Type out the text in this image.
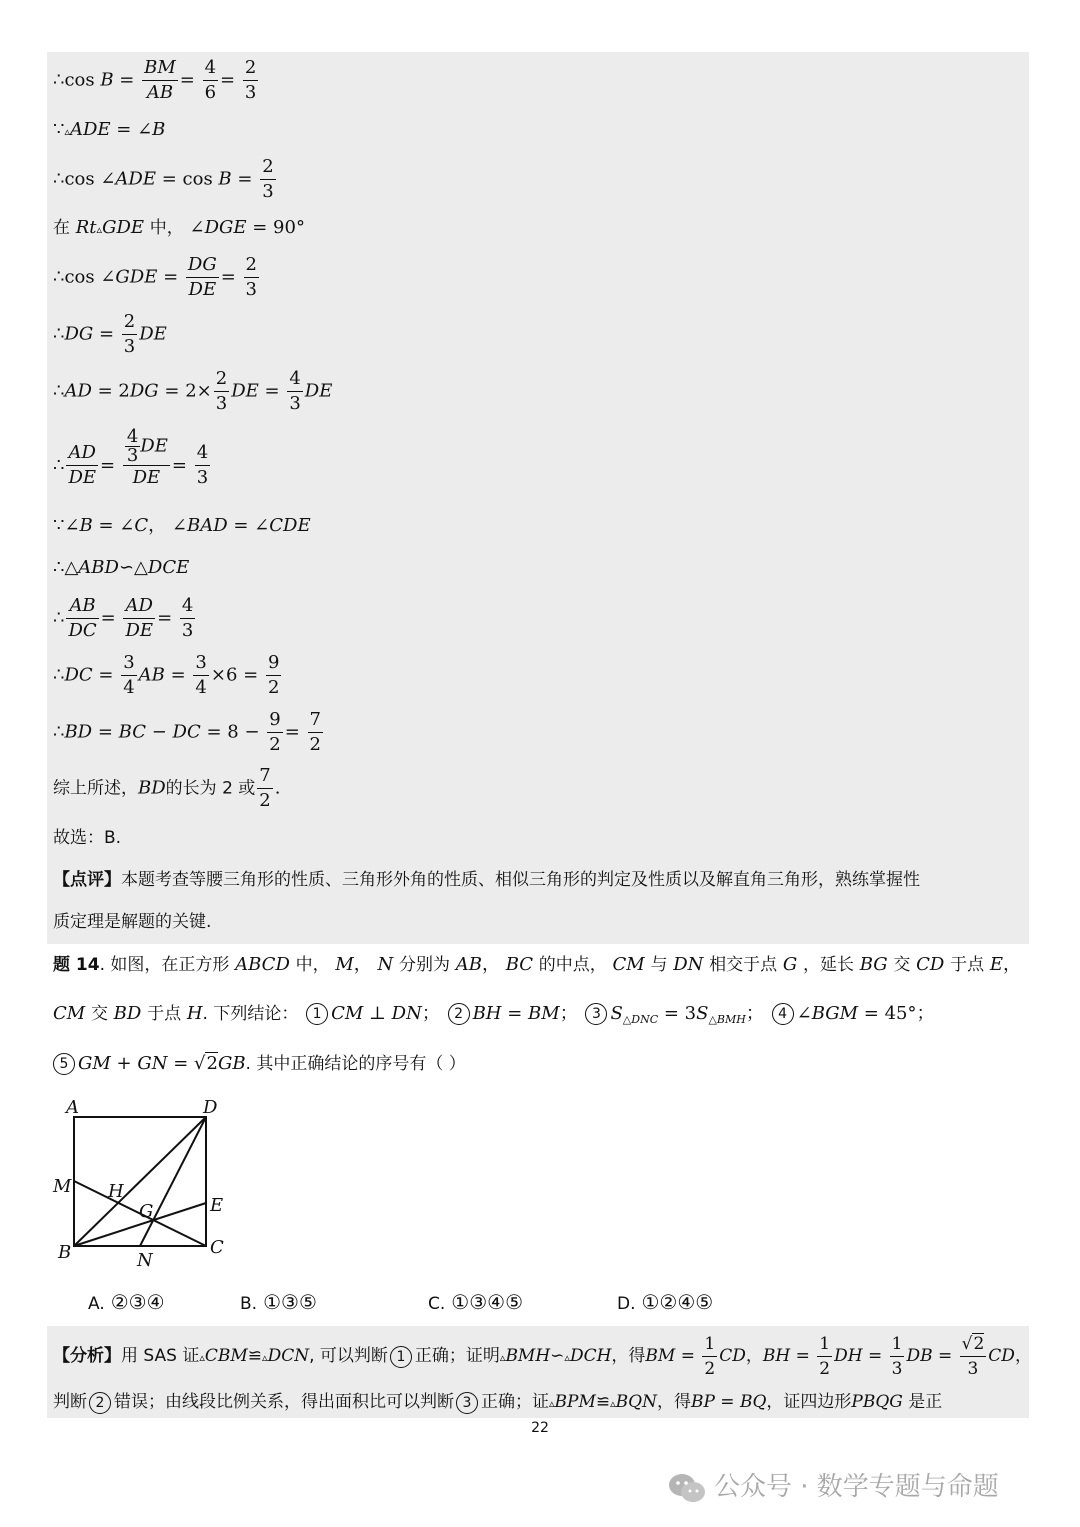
∴cos $B = \frac{BM}{AB} = \frac{4}{6} = \frac{2}{3}$
∵▵ADE = ∠B
∴cos ∠ADE = $\cos B = \frac{2}{3}$
在 Rt▵GDE 中， ∠DGE = 90°
∴cos ∠GDE = $\frac{DG}{DE} = \frac{2}{3}$
∴DG = $\frac{2}{3}$ DE
∴AD = $2DG = 2\times \frac{2}{3}$ DE = $\frac{4}{3}$ DE
∴ $\frac{AD}{DE} = \frac{\frac{4}{3} DE}{DE} = \frac{4}{3}$
∵∠B = ∠C， ∠BAD = ∠CDE
∴△ABD∽△DCE
∴ $\frac{AB}{DC} = \frac{AD}{DE} = \frac{4}{3}$
∴DC = $\frac{3}{4}$ AB = $\frac{3}{4} \times 6 = \frac{9}{2}$
∴BD = BC − DC = $8 - \frac{9}{2} = \frac{7}{2}$
综上所述，BD的长为 2 或 $\frac{7}{2}$ .
故选：B.
【点评】本题考查等腰三角形的性质、三角形外角的性质、相似三角形的判定及性质以及解直角三角形，熟练掌握性
质定理是解题的关键.
题 14. 如图，在正方形 ABCD 中， M， N 分别为 AB， BC 的中点， CM 与 DN 相交于点 G ，延长 BG 交 CD 于点 E，
CM 交 BD 于点 H. 下列结论： 1 CM ⊥ DN； 2 BH = BM； 3 $S_{\triangle DNC} = 3S_{\triangle BMH}$； 4 ∠BGM = 45°；
5 GM + GN = √2GB. 其中正确结论的序号有（ ）
A	D
M H
G	E
B	N
C
A. ②③④	B. ①③⑤	C. ①③④⑤	D. ①②④⑤
【分析】用 SAS 证▵CBM≌▵DCN, 可以判断 1 正确；证明▵BMH∽▵DCH，得BM = $\frac{1}{2}$ CD，BH = $\frac{1}{2}$ DH = $\frac{1}{3}$ DB = $\frac{√2}{3}$ CD，
判断 2 错误；由线段比例关系，得出面积比可以判断 3 正确；证▵BPM≌▵BQN，得BP = BQ，证四边形PBQG 是正
22
公众号 · 数学专题与命题
